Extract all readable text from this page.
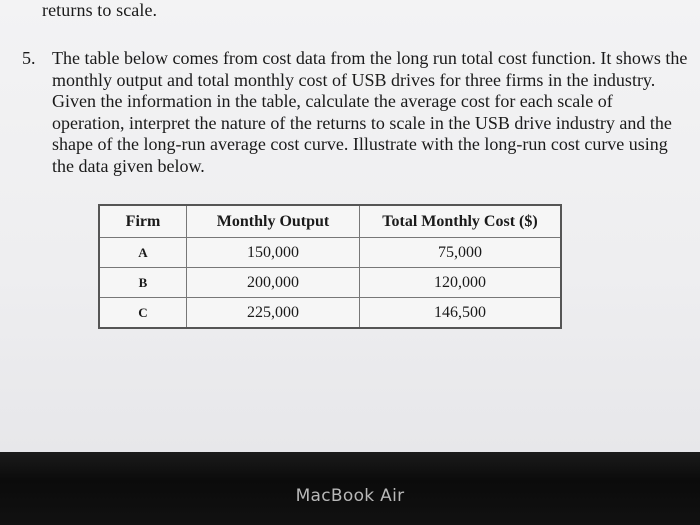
returns to scale.
5. The table below comes from cost data from the long run total cost function. It shows the monthly output and total monthly cost of USB drives for three firms in the industry. Given the information in the table, calculate the average cost for each scale of operation, interpret the nature of the returns to scale in the USB drive industry and the shape of the long-run average cost curve. Illustrate with the long-run cost curve using the data given below.
Firm	Monthly Output	Total Monthly Cost ($)
A	150,000	75,000
B	200,000	120,000
C	225,000	146,500
MacBook Air
